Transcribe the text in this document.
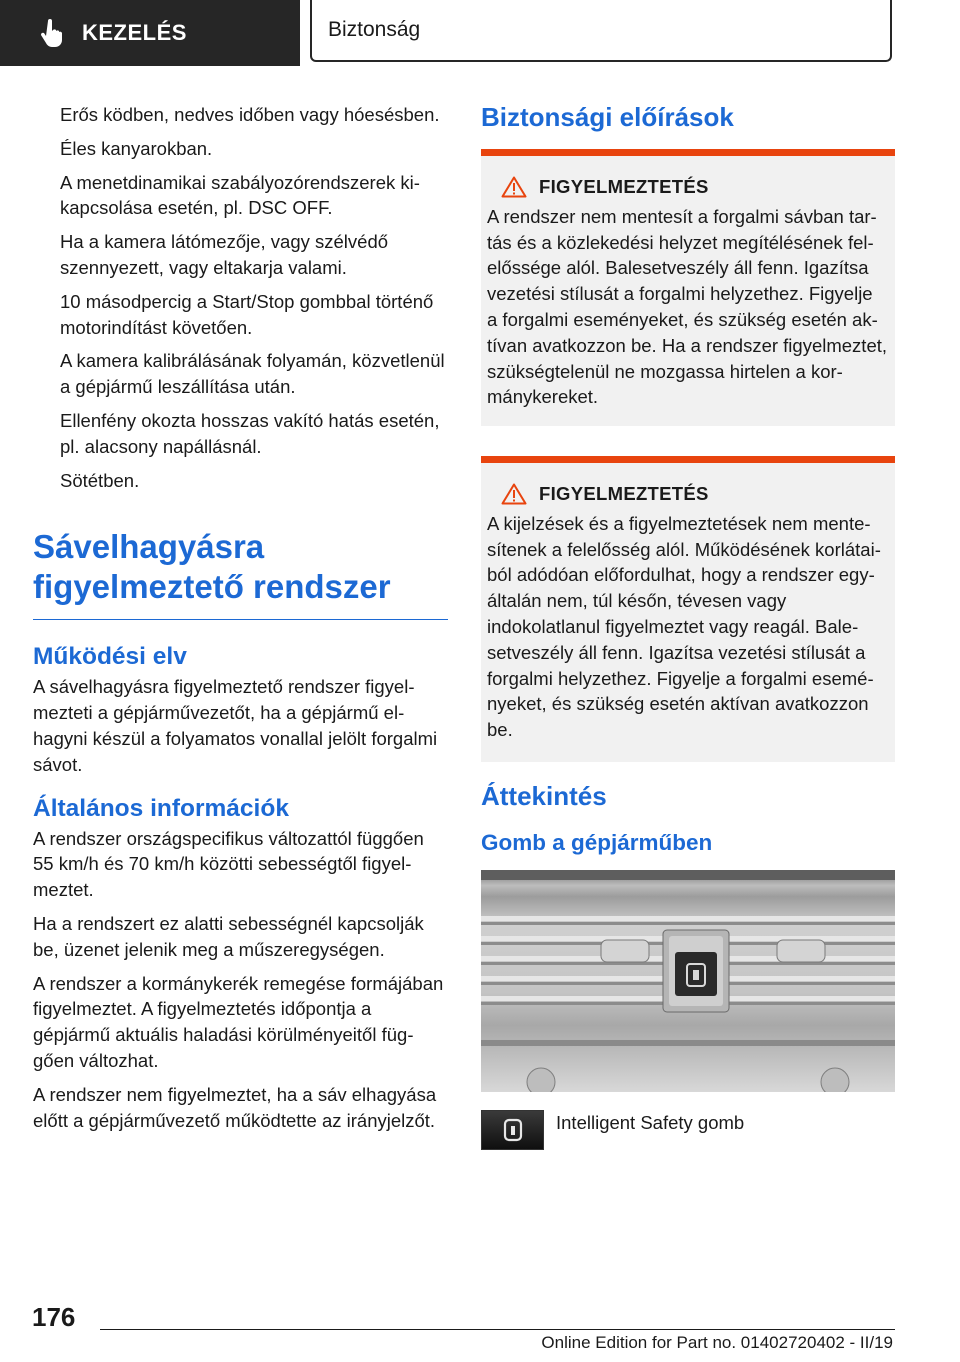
KEZELÉS	Biztonság
Erős ködben, nedves időben vagy hóesésben.
Éles kanyarokban.
A menetdinamikai szabályozórendszerek kikapcsolása esetén, pl. DSC OFF.
Ha a kamera látómezője, vagy szélvédő szennyezett, vagy eltakarja valami.
10 másodpercig a Start/Stop gombbal történő motorindítást követően.
A kamera kalibrálásának folyamán, közvetlenül a gépjármű leszállítása után.
Ellenfény okozta hosszas vakító hatás esetén, pl. alacsony napállásnál.
Sötétben.
Sávelhagyásra
figyelmeztető rendszer
Működési elv

A sávelhagyásra figyelmeztető rendszer figyelmezteti a gépjárművezetőt, ha a gépjármű elhagyni készül a folyamatos vonallal jelölt forgalmi sávot.

Általános információk

A rendszer országspecifikus változattól függően 55 km/h és 70 km/h közötti sebességtől figyelmeztet.

Ha a rendszert ez alatti sebességnél kapcsolják be, üzenet jelenik meg a műszeregységen.

A rendszer a kormánykerék remegése formájában figyelmeztet. A figyelmeztetés időpontja a gépjármű aktuális haladási körülményeitől függően változhat.

A rendszer nem figyelmeztet, ha a sáv elhagyása előtt a gépjárművezető működtette az irányjelzőt.

Biztonsági előírások
FIGYELMEZTETÉS

A rendszer nem mentesít a forgalmi sávban tartás és a közlekedési helyzet megítélésének felelőssége alól. Balesetveszély áll fenn. Igazítsa vezetési stílusát a forgalmi helyzethez. Figyelje a forgalmi eseményeket, és szükség esetén aktívan avatkozzon be. Ha a rendszer figyelmeztet, szükségtelenül ne mozgassa hirtelen a kormánykereket.

FIGYELMEZTETÉS

A kijelzések és a figyelmeztetések nem mentesítenek a felelősség alól. Működésének korlátaiból adódóan előfordulhat, hogy a rendszer egyáltalán nem, túl későn, tévesen vagy indokolatlanul figyelmeztet vagy reagál. Balesetveszély áll fenn. Igazítsa vezetési stílusát a forgalmi helyzethez. Figyelje a forgalmi eseményeket, és szükség esetén aktívan avatkozzon be.

Áttekintés
Gomb a gépjárműben
Intelligent Safety gomb
176
Online Edition for Part no. 01402720402 - II/19
